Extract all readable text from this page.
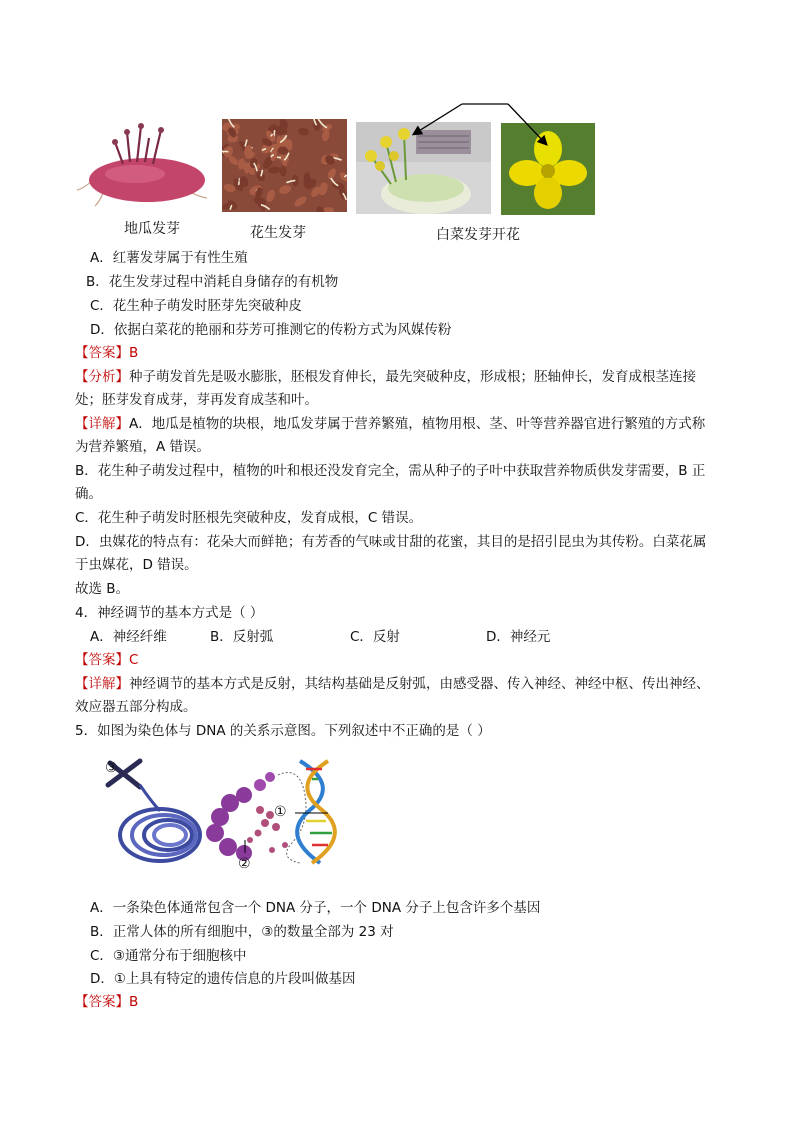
地瓜发芽	花生发芽	白菜发芽开花
A．红薯发芽属于有性生殖
B．花生发芽过程中消耗自身储存的有机物
C．花生种子萌发时胚芽先突破种皮
D．依据白菜花的艳丽和芬芳可推测它的传粉方式为风媒传粉
【答案】B
【分析】种子萌发首先是吸水膨胀，胚根发育伸长，最先突破种皮，形成根；胚轴伸长，发育成根茎连接
处；胚芽发育成芽，芽再发育成茎和叶。
【详解】A．地瓜是植物的块根，地瓜发芽属于营养繁殖，植物用根、茎、叶等营养器官进行繁殖的方式称
为营养繁殖，A 错误。
B．花生种子萌发过程中，植物的叶和根还没发育完全，需从种子的子叶中获取营养物质供发芽需要，B 正
确。
C．花生种子萌发时胚根先突破种皮，发育成根，C 错误。
D．虫媒花的特点有：花朵大而鲜艳；有芳香的气味或甘甜的花蜜，其目的是招引昆虫为其传粉。白菜花属
于虫媒花，D 错误。
故选 B。
4．神经调节的基本方式是（ ）
A．神经纤维	B．反射弧	C．反射	D．神经元
【答案】C
【详解】神经调节的基本方式是反射，其结构基础是反射弧，由感受器、传入神经、神经中枢、传出神经、
效应器五部分构成。
5．如图为染色体与 DNA 的关系示意图。下列叙述中不正确的是（ ）
③
①
②
A．一条染色体通常包含一个 DNA 分子，一个 DNA 分子上包含许多个基因
B．正常人体的所有细胞中，③的数量全部为 23 对
C．③通常分布于细胞核中
D．①上具有特定的遗传信息的片段叫做基因
【答案】B
